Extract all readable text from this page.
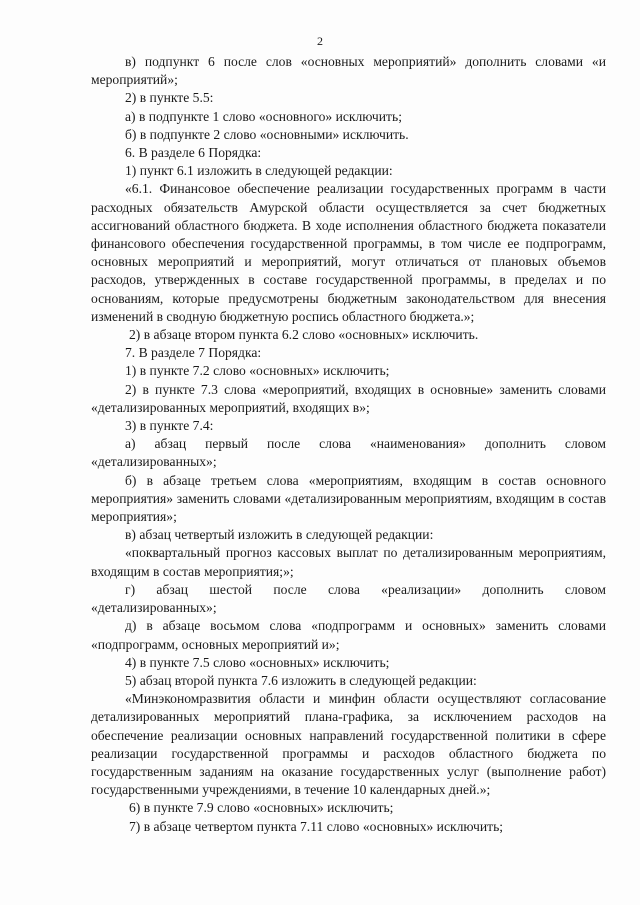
2

в) подпункт 6 после слов «основных мероприятий» дополнить словами «и мероприятий»;

2) в пункте 5.5:

а) в подпункте 1 слово «основного» исключить;

б) в подпункте 2 слово «основными» исключить.

6. В разделе 6 Порядка:

1) пункт 6.1 изложить в следующей редакции:

«6.1. Финансовое обеспечение реализации государственных программ в части расходных обязательств Амурской области осуществляется за счет бюджетных ассигнований областного бюджета. В ходе исполнения областного бюджета показатели финансового обеспечения государственной программы, в том числе ее подпрограмм, основных мероприятий и мероприятий, могут отличаться от плановых объемов расходов, утвержденных в составе государственной программы, в пределах и по основаниям, которые предусмотрены бюджетным законодательством для внесения изменений в сводную бюджетную роспись областного бюджета.»;

2) в абзаце втором пункта 6.2 слово «основных» исключить.

7. В разделе 7 Порядка:

1) в пункте 7.2 слово «основных» исключить;

2) в пункте 7.3 слова «мероприятий, входящих в основные» заменить словами «детализированных мероприятий, входящих в»;

3) в пункте 7.4:

а) абзац первый после слова «наименования» дополнить словом «детализированных»;

б) в абзаце третьем слова «мероприятиям, входящим в состав основного мероприятия» заменить словами «детализированным мероприятиям, входящим в состав мероприятия»;

в) абзац четвертый изложить в следующей редакции:

«поквартальный прогноз кассовых выплат по детализированным мероприятиям, входящим в состав мероприятия;»;

г) абзац шестой после слова «реализации» дополнить словом «детализированных»;

д) в абзаце восьмом слова «подпрограмм и основных» заменить словами «подпрограмм, основных мероприятий и»;

4) в пункте 7.5 слово «основных» исключить;

5) абзац второй пункта 7.6 изложить в следующей редакции:

«Минэкономразвития области и минфин области осуществляют согласование детализированных мероприятий плана-графика, за исключением расходов на обеспечение реализации основных направлений государственной политики в сфере реализации государственной программы и расходов областного бюджета по государственным заданиям на оказание государственных услуг (выполнение работ) государственными учреждениями, в течение 10 календарных дней.»;

6) в пункте 7.9 слово «основных» исключить;

7) в абзаце четвертом пункта 7.11 слово «основных» исключить;
